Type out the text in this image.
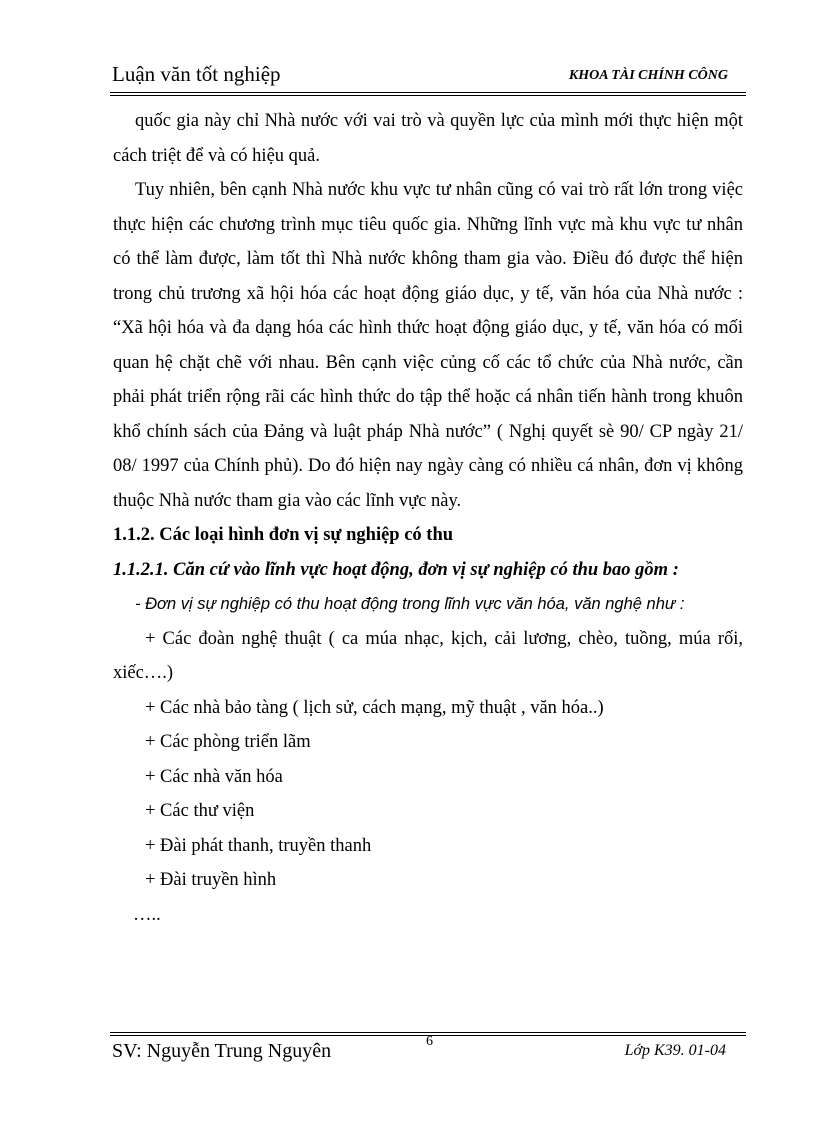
Luận văn tốt nghiệp	KHOA TÀI CHÍNH CÔNG

quốc gia này chỉ Nhà nước với vai trò và quyền lực của mình mới thực hiện một cách triệt để và có hiệu quả.

Tuy nhiên, bên cạnh Nhà nước khu vực tư nhân cũng có vai trò rất lớn trong việc thực hiện các chương trình mục tiêu quốc gia. Những lĩnh vực mà khu vực tư nhân có thể làm được, làm tốt thì Nhà nước không tham gia vào. Điều đó được thể hiện trong chủ trương xã hội hóa các hoạt động giáo dục, y tế, văn hóa của Nhà nước : “Xã hội hóa và đa dạng hóa các hình thức hoạt động giáo dục, y tế, văn hóa có mối quan hệ chặt chẽ với nhau. Bên cạnh việc củng cố các tổ chức của Nhà nước, cần phải phát triển rộng rãi các hình thức do tập thể hoặc cá nhân tiến hành trong khuôn khổ chính sách của Đảng và luật pháp Nhà nước” ( Nghị quyết sè 90/ CP ngày 21/ 08/ 1997 của Chính phủ). Do đó hiện nay ngày càng có nhiều cá nhân, đơn vị không thuộc Nhà nước tham gia vào các lĩnh vực này.

1.1.2. Các loại hình đơn vị sự nghiệp có thu

1.1.2.1. Căn cứ vào lĩnh vực hoạt động, đơn vị sự nghiệp có thu bao gồm :

- Đơn vị sự nghiệp có thu hoạt động trong lĩnh vực văn hóa, văn nghệ như :

+ Các đoàn nghệ thuật ( ca múa nhạc, kịch, cải lương, chèo, tuồng, múa rối, xiếc….)

+ Các nhà bảo tàng ( lịch sử, cách mạng, mỹ thuật , văn hóa..)

+ Các phòng triển lãm

+ Các nhà văn hóa

+ Các thư viện

+ Đài phát thanh, truyền thanh

+ Đài truyền hình

…..

SV: Nguyễn Trung Nguyên	6
Lớp K39. 01-04
